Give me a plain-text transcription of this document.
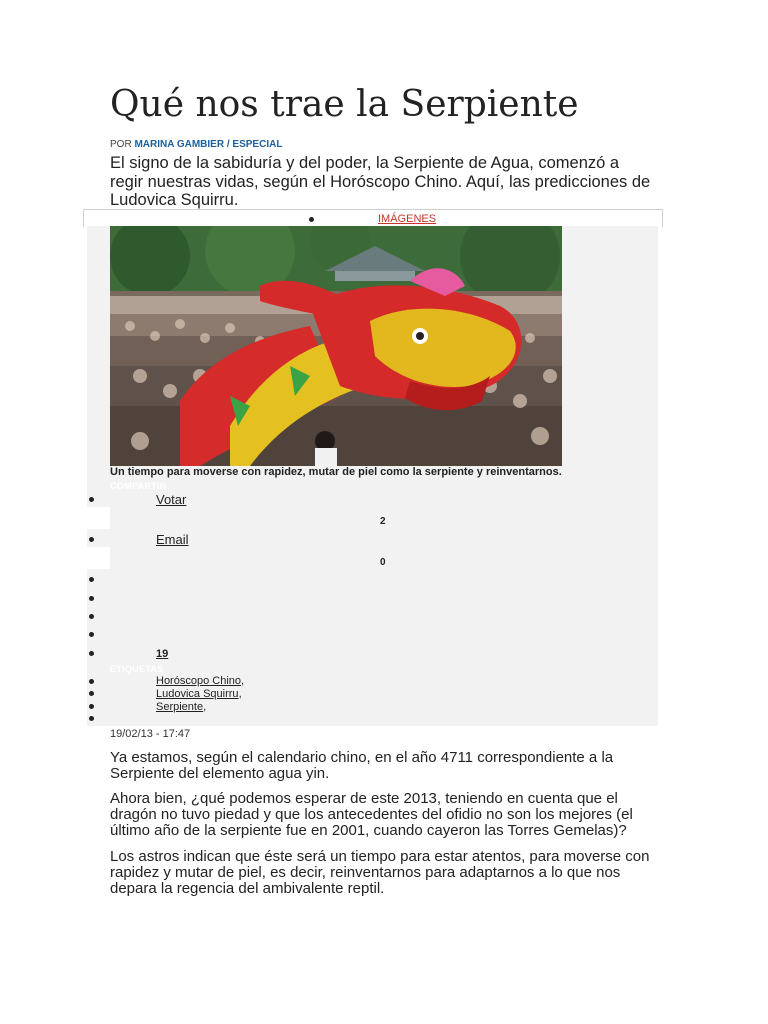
Qué nos trae la Serpiente
POR MARINA GAMBIER / ESPECIAL

El signo de la sabiduría y del poder, la Serpiente de Agua, comenzó a regir nuestras vidas, según el Horóscopo Chino. Aquí, las predicciones de Ludovica Squirru.

IMÁGENES
Un tiempo para moverse con rapidez, mutar de piel como la serpiente y reinventarnos.
COMPARTIR
Votar
2
Email
0
19
ETIQUETAS
Horóscopo Chino,
Ludovica Squirru,
Serpiente,
19/02/13 - 17:47

Ya estamos, según el calendario chino, en el año 4711 correspondiente a la Serpiente del elemento agua yin.

Ahora bien, ¿qué podemos esperar de este 2013, teniendo en cuenta que el dragón no tuvo piedad y que los antecedentes del ofidio no son los mejores (el último año de la serpiente fue en 2001, cuando cayeron las Torres Gemelas)?

Los astros indican que éste será un tiempo para estar atentos, para moverse con rapidez y mutar de piel, es decir, reinventarnos para adaptarnos a lo que nos depara la regencia del ambivalente reptil.
